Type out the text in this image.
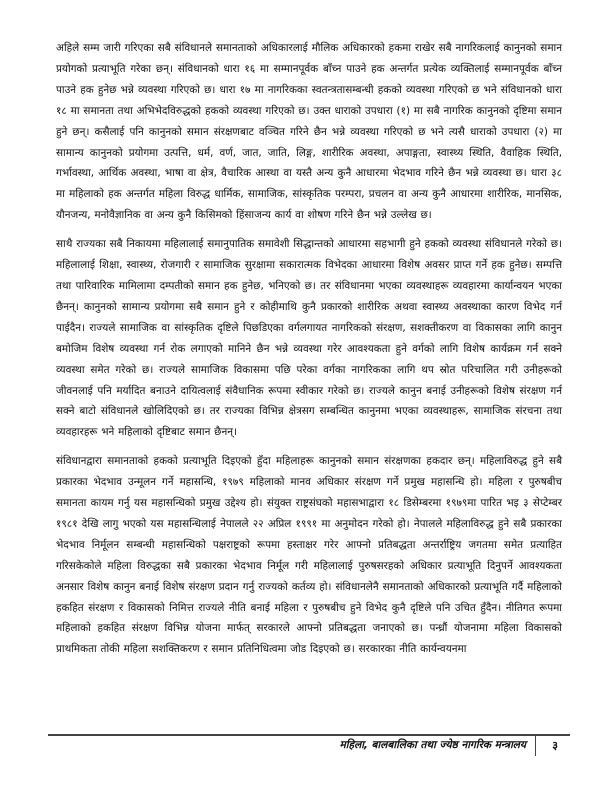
अहिले सम्म जारी गरिएका सबै संविधानले समानताको अधिकारलाई मौलिक अधिकारको हकमा राखेर सबै नागरिकलाई कानुनको समान प्रयोगको प्रत्याभूति गरेका छन्। संविधानको धारा १६ मा सम्मानपूर्वक बाँच्न पाउने हक अन्तर्गत प्रत्येक व्यक्तिलाई सम्मानपूर्वक बाँच्न पाउने हक हुनेछ भन्ने व्यवस्था गरिएको छ। धारा १७ मा नागरिकका स्वतन्त्रतासम्बन्धी हकको व्यवस्था गरिएको छ भने संविधानको धारा १८ मा समानता तथा अभिभेदविरुद्धको हकको व्यवस्था गरिएको छ। उक्त धाराको उपधारा (१) मा सबै नागरिक कानुनको दृष्टिमा समान हुने छन्। कसैलाई पनि कानुनको समान संरक्षणबाट वञ्चित गरिने छैन भन्ने व्यवस्था गरिएको छ भने त्यसै धाराको उपधारा (२) मा सामान्य कानुनको प्रयोगमा उत्पत्ति, धर्म, वर्ण, जात, जाति, लिङ्ग, शारीरिक अवस्था, अपाङ्गता, स्वास्थ्य स्थिति, वैवाहिक स्थिति, गर्भावस्था, आर्थिक अवस्था, भाषा वा क्षेत्र, वैचारिक आस्था वा यस्तै अन्य कुनै आधारमा भेदभाव गरिने छैन भन्ने व्यवस्था छ। धारा ३८ मा महिलाको हक अन्तर्गत महिला विरुद्ध धार्मिक, सामाजिक, सांस्कृतिक परम्परा, प्रचलन वा अन्य कुनै आधारमा शारीरिक, मानसिक, यौनजन्य, मनोवैज्ञानिक वा अन्य कुनै किसिमको हिंसाजन्य कार्य वा शोषण गरिने छैन भन्ने उल्लेख छ।

साथै राज्यका सबै निकायमा महिलालाई समानुपातिक समावेशी सिद्धान्तको आधारमा सहभागी हुने हकको व्यवस्था संविधानले गरेको छ। महिलालाई शिक्षा, स्वास्थ्य, रोजगारी र सामाजिक सुरक्षामा सकारात्मक विभेदका आधारमा विशेष अवसर प्राप्त गर्ने हक हुनेछ। सम्पत्ति तथा पारिवारिक मामिलामा दम्पतीको समान हक हुनेछ, भनिएको छ। तर संविधानमा भएका व्यवस्थाहरू व्यवहारमा कार्यान्वयन भएका छैनन्। कानुनको सामान्य प्रयोगमा सबै समान हुने र कोहीमाथि कुनै प्रकारको शारीरिक अथवा स्वास्थ्य अवस्थाका कारण विभेद गर्न पाईदैन। राज्यले सामाजिक वा सांस्कृतिक दृष्टिले पिछडिएका वर्गलगायत नागरिकको संरक्षण, सशक्तीकरण वा विकासका लागि कानुन बमोजिम विशेष व्यवस्था गर्न रोक लगाएको मानिने छैन भन्ने व्यवस्था गरेर आवश्यकता हुने वर्गको लागि विशेष कार्यक्रम गर्न सक्ने व्यवस्था समेत गरेको छ। राज्यले सामाजिक विकासमा पछि परेका वर्गका नागरिकका लागि थप स्रोत परिचालित गरी उनीहरूको जीवनलाई पनि मर्यादित बनाउने दायित्वलाई संवैधानिक रूपमा स्वीकार गरेको छ। राज्यले कानुन बनाई उनीहरूको विशेष संरक्षण गर्न सक्ने बाटो संविधानले खोलिदिएको छ। तर राज्यका विभिन्न क्षेत्रसग सम्बन्धित कानुनमा भएका व्यवस्थाहरू, सामाजिक संरचना तथा व्यवहारहरू भने महिलाको दृष्टिबाट समान छैनन्।

संविधानद्वारा समानताको हकको प्रत्याभूति दिइएको हुँदा महिलाहरू कानुनको समान संरक्षणका हकदार छन्। महिलाविरुद्ध हुने सबै प्रकारका भेदभाव उन्मूलन गर्ने महासन्धि, १९७९ महिलाको मानव अधिकार संरक्षण गर्ने प्रमुख महासन्धि हो। महिला र पुरुषबीच समानता कायम गर्नु यस महासन्धिको प्रमुख उद्देश्य हो। संयुक्त राष्ट्रसंघको महासभाद्वारा १८ डिसेम्बरमा १९७९मा पारित भइ ३ सेप्टेम्बर १९८१ देखि लागु भएको यस महासन्धिलाई नेपालले २२ अप्रिल १९९१ मा अनुमोदन गरेको हो। नेपालले महिलाविरुद्ध हुने सबै प्रकारका भेदभाव निर्मूलन सम्बन्धी महासन्धिको पक्षराष्ट्रको रूपमा हस्ताक्षर गरेर आफ्नो प्रतिबद्धता अन्तर्राष्ट्रिय जगतमा समेत प्रत्याहित गरिसकेकोले महिला विरुद्धका सबै प्रकारका भेदभाव निर्मूल गरी महिलालाई पुरुषसरहको अधिकार प्रत्याभूति दिनुपर्ने आवश्यकता अनसार विशेष कानुन बनाई विशेष संरक्षण प्रदान गर्नु राज्यको कर्तव्य हो। संविधानलेनै समानताको अधिकारको प्रत्याभूति गर्दै महिलाको हकहित संरक्षण र विकासको निमित्त राज्यले नीति बनाई महिला र पुरुषबीच हुने विभेद कुनै दृष्टिले पनि उचित हुँदैन। नीतिगत रूपमा महिलाको हकहित संरक्षण विभिन्न योजना मार्फत् सरकारले आफ्नो प्रतिबद्धता जनाएको छ। पन्ध्रौं योजनामा महिला विकासको प्राथमिकता तोकी महिला सशक्तिकरण र समान प्रतिनिधित्वमा जोड दिइएको छ। सरकारका नीति कार्यन्वयनमा

महिला, बालबालिका तथा ज्येष्ठ नागरिक मन्त्रालय ३
